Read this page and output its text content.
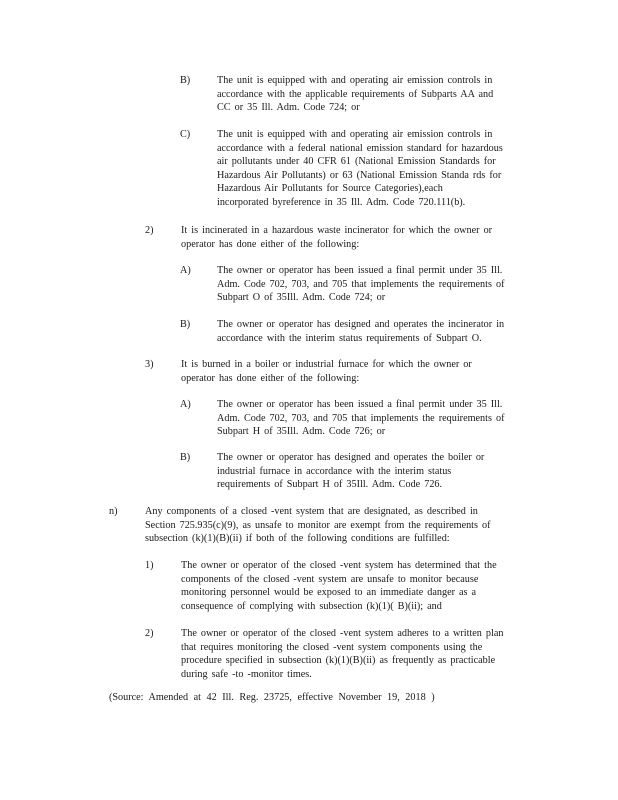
B)	The unit is equipped with and operating air emission controls in
accordance with the applicable requirements of Subparts AA and
CC or 35 Ill. Adm. Code 724; or
C)	The unit is equipped with and operating air emission controls in
accordance with a federal national emission standard for hazardous
air pollutants under 40 CFR 61 (National Emission Standards for
Hazardous Air Pollutants) or 63 (National Emission Standa rds for
Hazardous Air Pollutants for Source Categories),each
incorporated byreference in 35 Ill. Adm. Code 720.111(b).
2)	It is incinerated in a hazardous waste incinerator for which the owner or
operator has done either of the following:
A)	The owner or operator has been issued a final permit under 35 Ill.
Adm. Code 702, 703, and 705 that implements the requirements of
Subpart O of 35Ill. Adm. Code 724; or
B)	The owner or operator has designed and operates the incinerator in
accordance with the interim status requirements of Subpart O.
3)	It is burned in a boiler or industrial furnace for which the owner or
operator has done either of the following:
A)	The owner or operator has been issued a final permit under 35 Ill.
Adm. Code 702, 703, and 705 that implements the requirements of
Subpart H of 35Ill. Adm. Code 726; or
B)	The owner or operator has designed and operates the boiler or
industrial furnace in accordance with the interim status
requirements of Subpart H of 35Ill. Adm. Code 726.
n)	Any components of a closed -vent system that are designated, as described in
Section 725.935(c)(9), as unsafe to monitor are exempt from the requirements of
subsection (k)(1)(B)(ii) if both of the following conditions are fulfilled:
1)	The owner or operator of the closed -vent system has determined that the
components of the closed -vent system are unsafe to monitor because
monitoring personnel would be exposed to an immediate danger as a
consequence of complying with subsection (k)(1)( B)(ii); and
2)	The owner or operator of the closed -vent system adheres to a written plan
that requires monitoring the closed -vent system components using the
procedure specified in subsection (k)(1)(B)(ii) as frequently as practicable
during safe -to -monitor times.
(Source: Amended at 42 Ill. Reg. 23725, effective November 19, 2018 )
